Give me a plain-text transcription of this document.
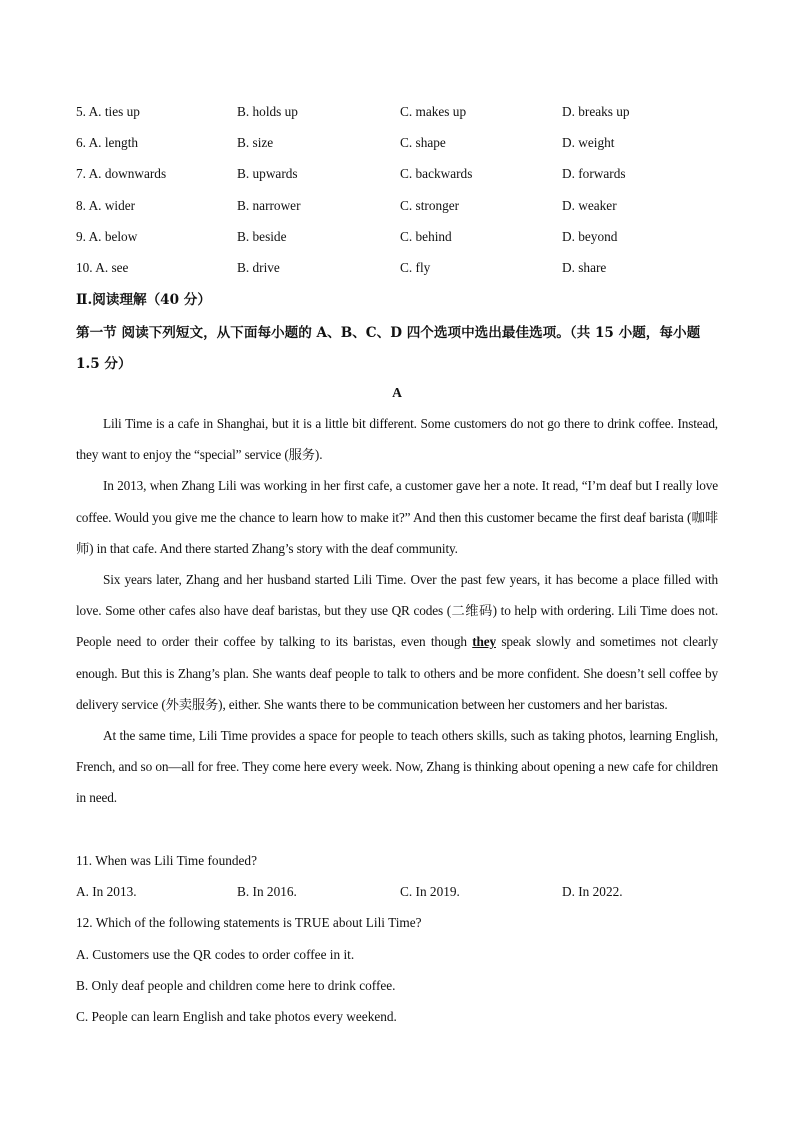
5. A. ties up	B. holds up	C. makes up	D. breaks up
6. A. length	B. size	C. shape	D. weight
7. A. downwards	B. upwards	C. backwards	D. forwards
8. A. wider	B. narrower	C. stronger	D. weaker
9. A. below	B. beside	C. behind	D. beyond
10. A. see	B. drive	C. fly	D. share
Ⅱ.阅读理解（40 分）
第一节 阅读下列短文，从下面每小题的 A、B、C、D 四个选项中选出最佳选项。（共 15 小题，每小题 1.5 分）
A

Lili Time is a cafe in Shanghai, but it is a little bit different. Some customers do not go there to drink coffee. Instead, they want to enjoy the “special” service (服务).

In 2013, when Zhang Lili was working in her first cafe, a customer gave her a note. It read, “I’m deaf but I really love coffee. Would you give me the chance to learn how to make it?” And then this customer became the first deaf barista (咖啡师) in that cafe. And there started Zhang’s story with the deaf community.

Six years later, Zhang and her husband started Lili Time. Over the past few years, it has become a place filled with love. Some other cafes also have deaf baristas, but they use QR codes (二维码) to help with ordering. Lili Time does not. People need to order their coffee by talking to its baristas, even though they speak slowly and sometimes not clearly enough. But this is Zhang’s plan. She wants deaf people to talk to others and be more confident. She doesn’t sell coffee by delivery service (外卖服务), either. She wants there to be communication between her customers and her baristas.

At the same time, Lili Time provides a space for people to teach others skills, such as taking photos, learning English, French, and so on—all for free. They come here every week. Now, Zhang is thinking about opening a new cafe for children in need.

11. When was Lili Time founded?
A. In 2013.	B. In 2016.	C. In 2019.	D. In 2022.
12. Which of the following statements is TRUE about Lili Time?
A. Customers use the QR codes to order coffee in it.
B. Only deaf people and children come here to drink coffee.
C. People can learn English and take photos every weekend.
